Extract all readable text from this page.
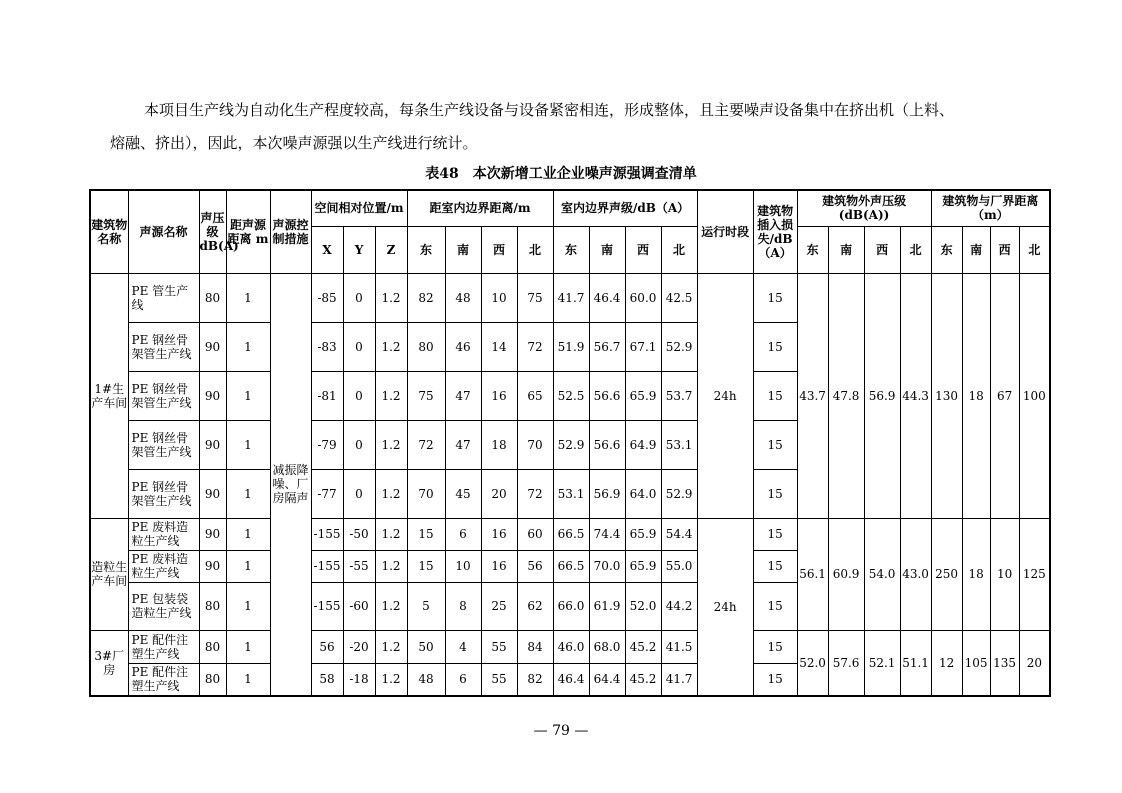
本项目生产线为自动化生产程度较高，每条生产线设备与设备紧密相连，形成整体，且主要噪声设备集中在挤出机（上料、
熔融、挤出），因此，本次噪声源强以生产线进行统计。
表48　本次新增工业企业噪声源强调查清单
建筑物名称	声源名称	声压级dB(A)	距声源距离 m	声源控制措施	空间相对位置/m			距室内边界距离/m				室内边界声级/dB（A）				运行时段	建筑物插入损失/dB（A）	建筑物外声压级(dB(A))				建筑物与厂界距离（m）			
					X	Y	Z	东	南	西	北	东	南	西	北			东	南	西	北	东	南	西	北
1#生产车间	PE 管生产线	80	1	减振降噪、厂房隔声	-85	0	1.2	82	48	10	75	41.7	46.4	60.0	42.5	24h	15	43.7	47.8	56.9	44.3	130	18	67	100
	PE 钢丝骨架管生产线	90	1		-83	0	1.2	80	46	14	72	51.9	56.7	67.1	52.9		15								
	PE 钢丝骨架管生产线	90	1		-81	0	1.2	75	47	16	65	52.5	56.6	65.9	53.7		15								
	PE 钢丝骨架管生产线	90	1		-79	0	1.2	72	47	18	70	52.9	56.6	64.9	53.1		15								
	PE 钢丝骨架管生产线	90	1		-77	0	1.2	70	45	20	72	53.1	56.9	64.0	52.9		15								
造粒生产车间	PE 废料造粒生产线	90	1		-155	-50	1.2	15	6	16	60	66.5	74.4	65.9	54.4	24h	15	56.1	60.9	54.0	43.0	250	18	10	125
	PE 废料造粒生产线	90	1		-155	-55	1.2	15	10	16	56	66.5	70.0	65.9	55.0		15								
	PE 包装袋造粒生产线	80	1		-155	-60	1.2	5	8	25	62	66.0	61.9	52.0	44.2		15								
3#厂房	PE 配件注塑生产线	80	1		56	-20	1.2	50	4	55	84	46.0	68.0	45.2	41.5		15	52.0	57.6	52.1	51.1	12	105	135	20
	PE 配件注塑生产线	80	1		58	-18	1.2	48	6	55	82	46.4	64.4	45.2	41.7		15								
— 79 —
